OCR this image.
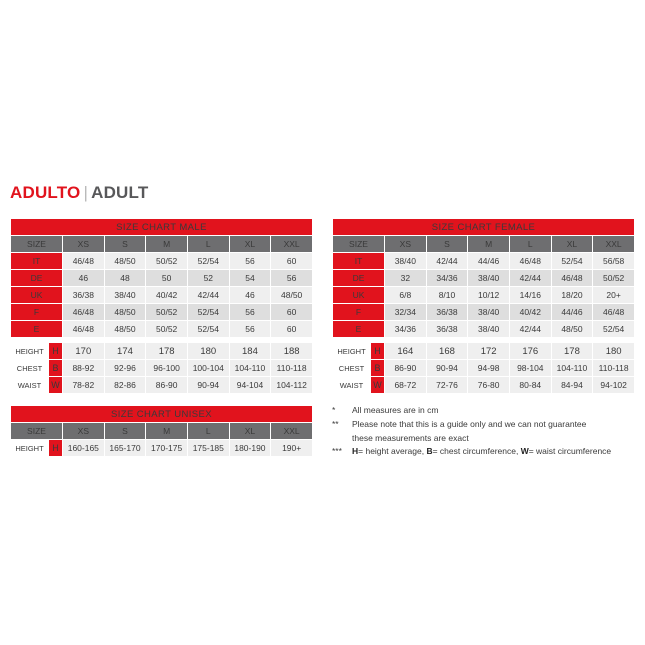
ADULTO | ADULT
SIZE CHART MALE							
SIZE		XS	S	M	L	XL	XXL
IT		46/48	48/50	50/52	52/54	56	60
DE		46	48	50	52	54	56
UK		36/38	38/40	40/42	42/44	46	48/50
F		46/48	48/50	50/52	52/54	56	60
E		46/48	48/50	50/52	52/54	56	60

HEIGHT	H	170	174	178	180	184	188
CHEST	B	88-92	92-96	96-100	100-104	104-110	110-118
WAIST	W	78-82	82-86	86-90	90-94	94-104	104-112
SIZE CHART FEMALE							
SIZE		XS	S	M	L	XL	XXL
IT		38/40	42/44	44/46	46/48	52/54	56/58
DE		32	34/36	38/40	42/44	46/48	50/52
UK		6/8	8/10	10/12	14/16	18/20	20+
F		32/34	36/38	38/40	40/42	44/46	46/48
E		34/36	36/38	38/40	42/44	48/50	52/54

HEIGHT	H	164	168	172	176	178	180
CHEST	B	86-90	90-94	94-98	98-104	104-110	110-118
WAIST	W	68-72	72-76	76-80	80-84	84-94	94-102
SIZE CHART UNISEX							
SIZE		XS	S	M	L	XL	XXL
HEIGHT	H	160-165	165-170	170-175	175-185	180-190	190+
*	All measures are in cm
**	Please note that this is a guide only and we can not guarantee
these measurements are exact
***	H= height average, B= chest circumference, W= waist circumference
